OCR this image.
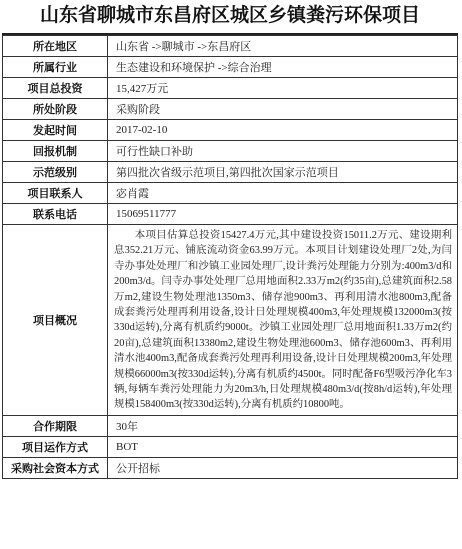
山东省聊城市东昌府区城区乡镇粪污环保项目
所在地区	山东省 ->聊城市 ->东昌府区
所属行业	生态建设和环境保护 ->综合治理
项目总投资	15,427万元
所处阶段	采购阶段
发起时间	2017-02-10
回报机制	可行性缺口补助
示范级别	第四批次省级示范项目,第四批次国家示范项目
项目联系人	宓肖霞
联系电话	15069511777
项目概况	本项目估算总投资15427.4万元,其中建设投资15011.2万元、建设期利息352.21万元、铺底流动资金63.99万元。本项目计划建设处理厂2处,为闫寺办事处处理厂和沙镇工业园处理厂,设计粪污处理能力分别为:400m3/d和200m3/d。闫寺办事处处理厂总用地面积2.33万m2(约35亩),总建筑面积2.58万m2,建设生物处理池1350m3、储存池900m3、再利用清水池800m3,配备成套粪污处理再利用设备,设计日处理规模400m3,年处理规模132000m3(按330d运转),分离有机质约9000t。沙镇工业园处理厂总用地面积1.33万m2(约20亩),总建筑面积13380m2,建设生物处理池600m3、储存池600m3、再利用清水池400m3,配备成套粪污处理再利用设备,设计日处理规模200m3,年处理规模66000m3(按330d运转),分离有机质约4500t。同时配备F6型吸污净化车3辆,每辆车粪污处理能力为20m3/h,日处理规模480m3/d(按8h/d运转),年处理规模158400m3(按330d运转),分离有机质约10800吨。
合作期限	30年
项目运作方式	BOT
采购社会资本方式	公开招标
